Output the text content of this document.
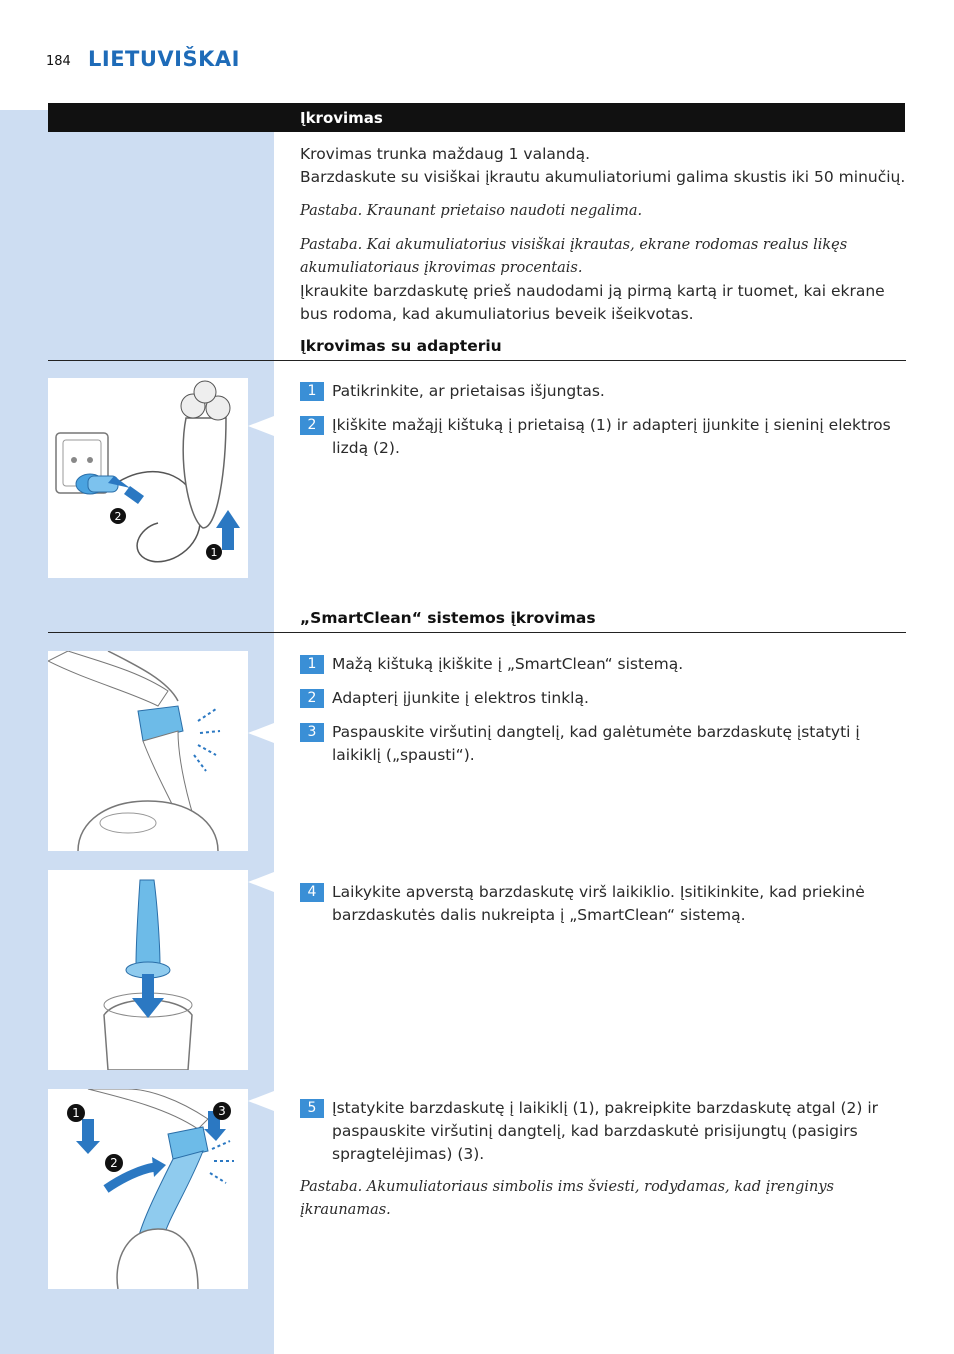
184 LIETUVIŠKAI
Įkrovimas
Krovimas trunka maždaug 1 valandą.
Barzdaskute su visiškai įkrautu akumuliatoriumi galima skustis iki 50 minučių.
Pastaba. Kraunant prietaiso naudoti negalima.
Pastaba. Kai akumuliatorius visiškai įkrautas, ekrane rodomas realus likęs akumuliatoriaus įkrovimas procentais.
Įkraukite barzdaskutę prieš naudodami ją pirmą kartą ir tuomet, kai ekrane bus rodoma, kad akumuliatorius beveik išeikvotas.
Įkrovimas su adapteriu
2
1
1	Patikrinkite, ar prietaisas išjungtas.
2	Įkiškite mažąjį kištuką į prietaisą (1) ir adapterį įjunkite į sieninį elektros lizdą (2).
„SmartClean“ sistemos įkrovimas
1	Mažą kištuką įkiškite į „SmartClean“ sistemą.
2	Adapterį įjunkite į elektros tinklą.
3	Paspauskite viršutinį dangtelį, kad galėtumėte barzdaskutę įstatyti į laikiklį („spausti“).
4	Laikykite apverstą barzdaskutę virš laikiklio. Įsitikinkite, kad priekinė barzdaskutės dalis nukreipta į „SmartClean“ sistemą.
1	3
2
5	Įstatykite barzdaskutę į laikiklį (1), pakreipkite barzdaskutę atgal (2) ir paspauskite viršutinį dangtelį, kad barzdaskutė prisijungtų (pasigirs spragtelėjimas) (3).
Pastaba. Akumuliatoriaus simbolis ims šviesti, rodydamas, kad įrenginys įkraunamas.
